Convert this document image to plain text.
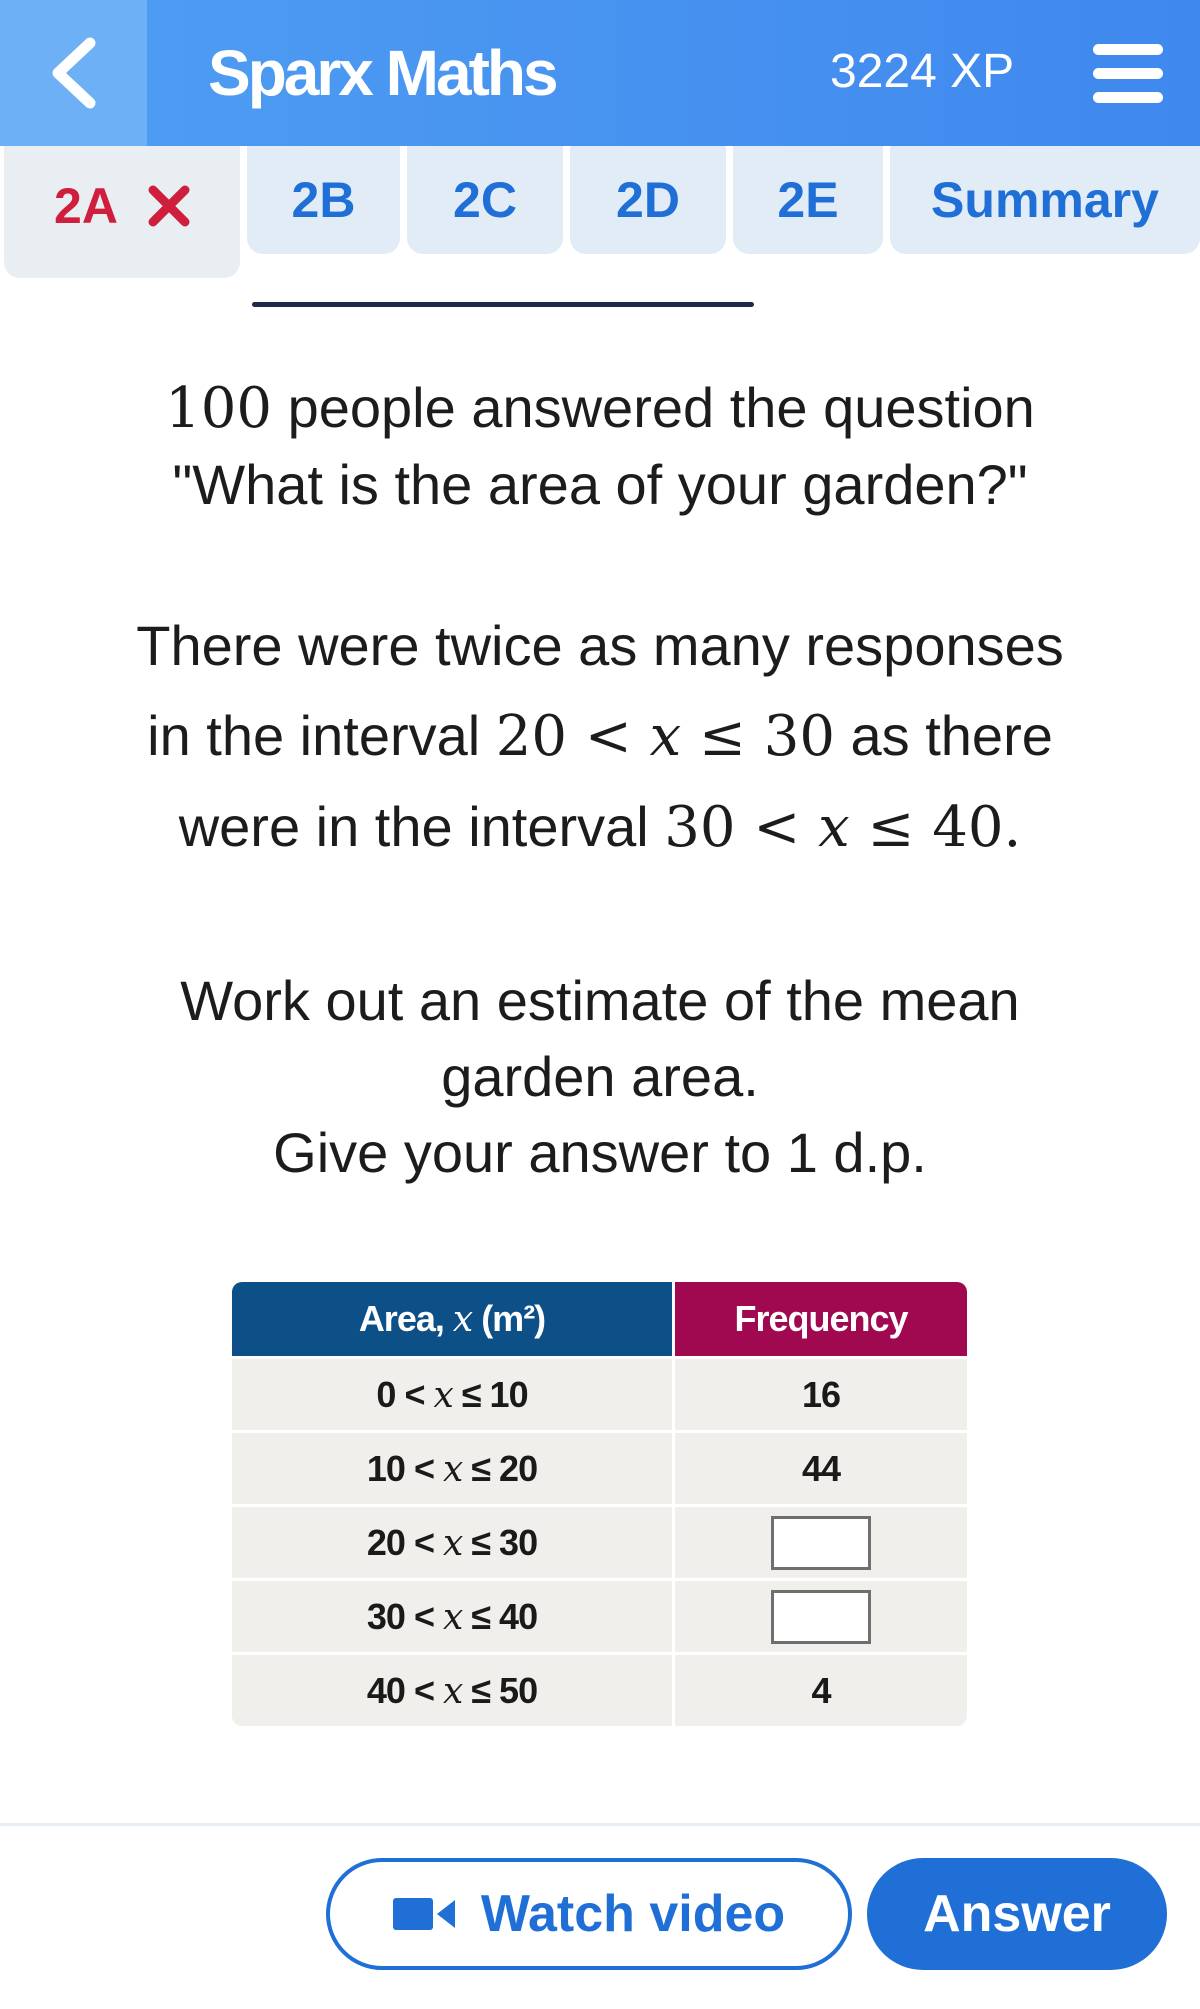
Sparx Maths	3224 XP
2A	2B 2C 2D 2E Summary

100 people answered the question

"What is the area of your garden?"

There were twice as many responses

in the interval 20 < x ≤ 30 as there

were in the interval 30 < x ≤ 40.

Work out an estimate of the mean

garden area.

Give your answer to 1 d.p.

Area, x (m²)	Frequency
0 < x ≤ 10	16
10 < x ≤ 20	44
20 < x ≤ 30	
30 < x ≤ 40	
40 < x ≤ 50	4
Watch video	Answer
